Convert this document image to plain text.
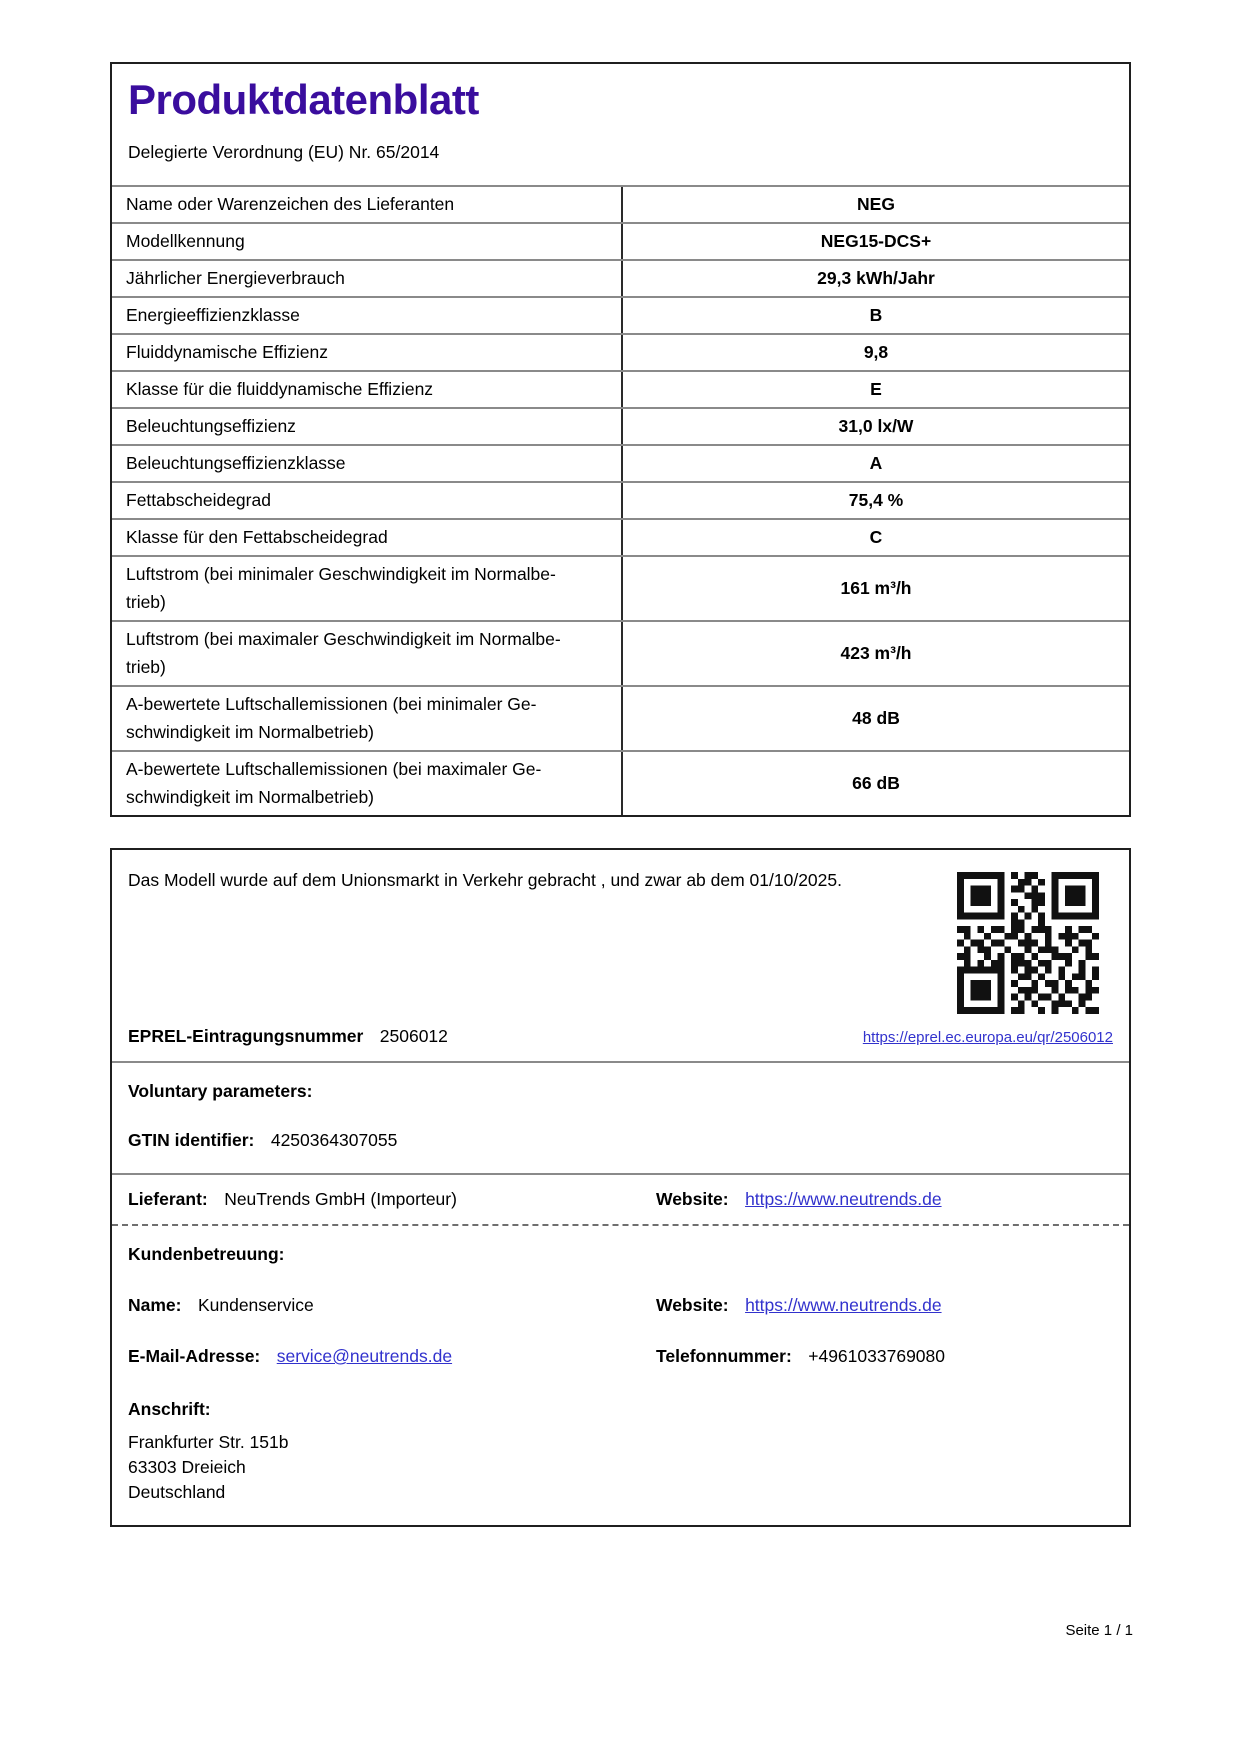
Produktdatenblatt
Delegierte Verordnung (EU) Nr. 65/2014
Name oder Warenzeichen des Lieferanten	NEG
Modellkennung	NEG15-DCS+
Jährlicher Energieverbrauch	29,3 kWh/Jahr
Energieeffizienzklasse	B
Fluiddynamische Effizienz	9,8
Klasse für die fluiddynamische Effizienz	E
Beleuchtungseffizienz	31,0 lx/W
Beleuchtungseffizienzklasse	A
Fettabscheidegrad	75,4 %
Klasse für den Fettabscheidegrad	C
Luftstrom (bei minimaler Geschwindigkeit im Normalbe-
trieb)
161 m³/h
Luftstrom (bei maximaler Geschwindigkeit im Normalbe-
trieb)
423 m³/h
A-bewertete Luftschallemissionen (bei minimaler Ge-
schwindigkeit im Normalbetrieb)
48 dB
A-bewertete Luftschallemissionen (bei maximaler Ge-
schwindigkeit im Normalbetrieb)
66 dB
Das Modell wurde auf dem Unionsmarkt in Verkehr gebracht , und zwar ab dem 01/10/2025.
EPREL-Eintragungsnummer 2506012	https://eprel.ec.europa.eu/qr/2506012
Voluntary parameters:
GTIN identifier: 4250364307055
Lieferant: NeuTrends GmbH (Importeur)	Website: https://www.neutrends.de
Kundenbetreuung:
Name: Kundenservice	Website: https://www.neutrends.de
E-Mail-Adresse: service@neutrends.de	Telefonnummer: +4961033769080
Anschrift:
Frankfurter Str. 151b
63303 Dreieich
Deutschland
Seite 1 / 1
